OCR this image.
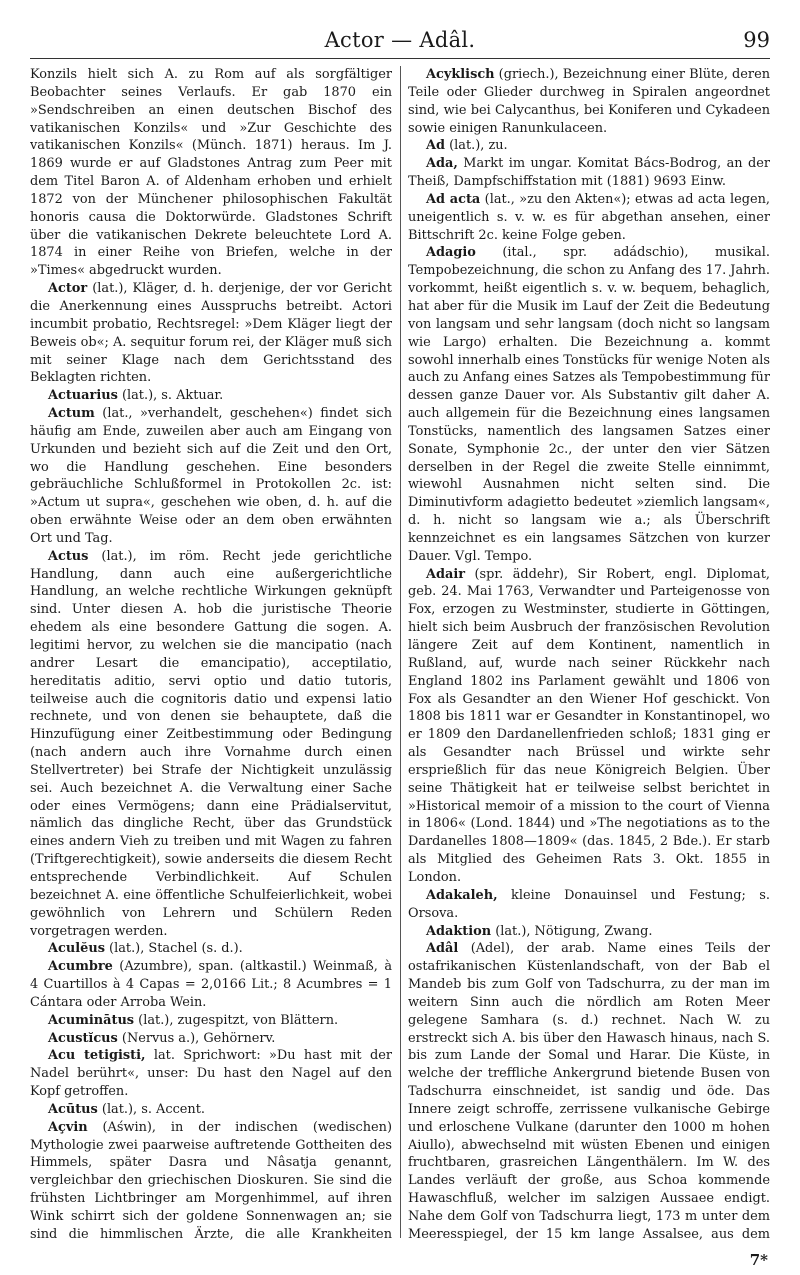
Actor — Adâl.	99

Konzils hielt sich A. zu Rom auf als sorgfältiger Beobachter seines Verlaufs. Er gab 1870 ein »Sendschreiben an einen deutschen Bischof des vatikanischen Konzils« und »Zur Geschichte des vatikanischen Konzils« (Münch. 1871) heraus. Im J. 1869 wurde er auf Gladstones Antrag zum Peer mit dem Titel Baron A. of Aldenham erhoben und erhielt 1872 von der Münchener philosophischen Fakultät honoris causa die Doktorwürde. Gladstones Schrift über die vatikanischen Dekrete beleuchtete Lord A. 1874 in einer Reihe von Briefen, welche in der »Times« abgedruckt wurden.

Actor (lat.), Kläger, d. h. derjenige, der vor Gericht die Anerkennung eines Ausspruchs betreibt. Actori incumbit probatio, Rechtsregel: »Dem Kläger liegt der Beweis ob«; A. sequitur forum rei, der Kläger muß sich mit seiner Klage nach dem Gerichtsstand des Beklagten richten.

Actuarius (lat.), s. Aktuar.

Actum (lat., »verhandelt, geschehen«) findet sich häufig am Ende, zuweilen aber auch am Eingang von Urkunden und bezieht sich auf die Zeit und den Ort, wo die Handlung geschehen. Eine besonders gebräuchliche Schlußformel in Protokollen 2c. ist: »Actum ut supra«, geschehen wie oben, d. h. auf die oben erwähnte Weise oder an dem oben erwähnten Ort und Tag.

Actus (lat.), im röm. Recht jede gerichtliche Handlung, dann auch eine außergerichtliche Handlung, an welche rechtliche Wirkungen geknüpft sind. Unter diesen A. hob die juristische Theorie ehedem als eine besondere Gattung die sogen. A. legitimi hervor, zu welchen sie die mancipatio (nach andrer Lesart die emancipatio), acceptilatio, hereditatis aditio, servi optio und datio tutoris, teilweise auch die cognitoris datio und expensi latio rechnete, und von denen sie behauptete, daß die Hinzufügung einer Zeitbestimmung oder Bedingung (nach andern auch ihre Vornahme durch einen Stellvertreter) bei Strafe der Nichtigkeit unzulässig sei. Auch bezeichnet A. die Verwaltung einer Sache oder eines Vermögens; dann eine Prädialservitut, nämlich das dingliche Recht, über das Grundstück eines andern Vieh zu treiben und mit Wagen zu fahren (Triftgerechtigkeit), sowie anderseits die diesem Recht entsprechende Verbindlichkeit. Auf Schulen bezeichnet A. eine öffentliche Schulfeierlichkeit, wobei gewöhnlich von Lehrern und Schülern Reden vorgetragen werden.

Aculĕus (lat.), Stachel (s. d.).

Acumbre (Azumbre), span. (altkastil.) Weinmaß, à 4 Cuartillos à 4 Capas = 2,0166 Lit.; 8 Acumbres = 1 Cántara oder Arroba Wein.

Acuminātus (lat.), zugespitzt, von Blättern.

Acustĭcus (Nervus a.), Gehörnerv.

Acu tetigisti, lat. Sprichwort: »Du hast mit der Nadel berührt«, unser: Du hast den Nagel auf den Kopf getroffen.

Acūtus (lat.), s. Accent.

Açvin (Aświn), in der indischen (wedischen) Mythologie zwei paarweise auftretende Gottheiten des Himmels, später Dasra und Nâsatja genannt, vergleichbar den griechischen Dioskuren. Sie sind die frühsten Lichtbringer am Morgenhimmel, auf ihren Wink schirrt sich der goldene Sonnenwagen an; sie sind die himmlischen Ärzte, die alle Krankheiten

Acyklisch (griech.), Bezeichnung einer Blüte, deren Teile oder Glieder durchweg in Spiralen angeordnet sind, wie bei Calycanthus, bei Koniferen und Cykadeen sowie einigen Ranunkulaceen.

Ad (lat.), zu.

Ada, Markt im ungar. Komitat Bács-Bodrog, an der Theiß, Dampfschiffstation mit (1881) 9693 Einw.

Ad acta (lat., »zu den Akten«); etwas ad acta legen, uneigentlich s. v. w. es für abgethan ansehen, einer Bittschrift 2c. keine Folge geben.

Adagio (ital., spr. adádschio), musikal. Tempobezeichnung, die schon zu Anfang des 17. Jahrh. vorkommt, heißt eigentlich s. v. w. bequem, behaglich, hat aber für die Musik im Lauf der Zeit die Bedeutung von langsam und sehr langsam (doch nicht so langsam wie Largo) erhalten. Die Bezeichnung a. kommt sowohl innerhalb eines Tonstücks für wenige Noten als auch zu Anfang eines Satzes als Tempobestimmung für dessen ganze Dauer vor. Als Substantiv gilt daher A. auch allgemein für die Bezeichnung eines langsamen Tonstücks, namentlich des langsamen Satzes einer Sonate, Symphonie 2c., der unter den vier Sätzen derselben in der Regel die zweite Stelle einnimmt, wiewohl Ausnahmen nicht selten sind. Die Diminutivform adagietto bedeutet »ziemlich langsam«, d. h. nicht so langsam wie a.; als Überschrift kennzeichnet es ein langsames Sätzchen von kurzer Dauer. Vgl. Tempo.

Adair (spr. äddehr), Sir Robert, engl. Diplomat, geb. 24. Mai 1763, Verwandter und Parteigenosse von Fox, erzogen zu Westminster, studierte in Göttingen, hielt sich beim Ausbruch der französischen Revolution längere Zeit auf dem Kontinent, namentlich in Rußland, auf, wurde nach seiner Rückkehr nach England 1802 ins Parlament gewählt und 1806 von Fox als Gesandter an den Wiener Hof geschickt. Von 1808 bis 1811 war er Gesandter in Konstantinopel, wo er 1809 den Dardanellenfrieden schloß; 1831 ging er als Gesandter nach Brüssel und wirkte sehr ersprießlich für das neue Königreich Belgien. Über seine Thätigkeit hat er teilweise selbst berichtet in »Historical memoir of a mission to the court of Vienna in 1806« (Lond. 1844) und »The negotiations as to the Dardanelles 1808—1809« (das. 1845, 2 Bde.). Er starb als Mitglied des Geheimen Rats 3. Okt. 1855 in London.

Adakaleh, kleine Donauinsel und Festung; s. Orsova.

Adaktion (lat.), Nötigung, Zwang.

Adâl (Adel), der arab. Name eines Teils der ostafrikanischen Küstenlandschaft, von der Bab el Mandeb bis zum Golf von Tadschurra, zu der man im weitern Sinn auch die nördlich am Roten Meer gelegene Samhara (s. d.) rechnet. Nach W. zu erstreckt sich A. bis über den Hawasch hinaus, nach S. bis zum Lande der Somal und Harar. Die Küste, in welche der treffliche Ankergrund bietende Busen von Tadschurra einschneidet, ist sandig und öde. Das Innere zeigt schroffe, zerrissene vulkanische Gebirge und erloschene Vulkane (darunter den 1000 m hohen Aiullo), abwechselnd mit wüsten Ebenen und einigen fruchtbaren, grasreichen Längenthälern. Im W. des Landes verläuft der große, aus Schoa kommende Hawaschfluß, welcher im salzigen Aussaee endigt. Nahe dem Golf von Tadschurra liegt, 173 m unter dem Meeresspiegel, der 15 km lange Assalsee, aus dem

7*
